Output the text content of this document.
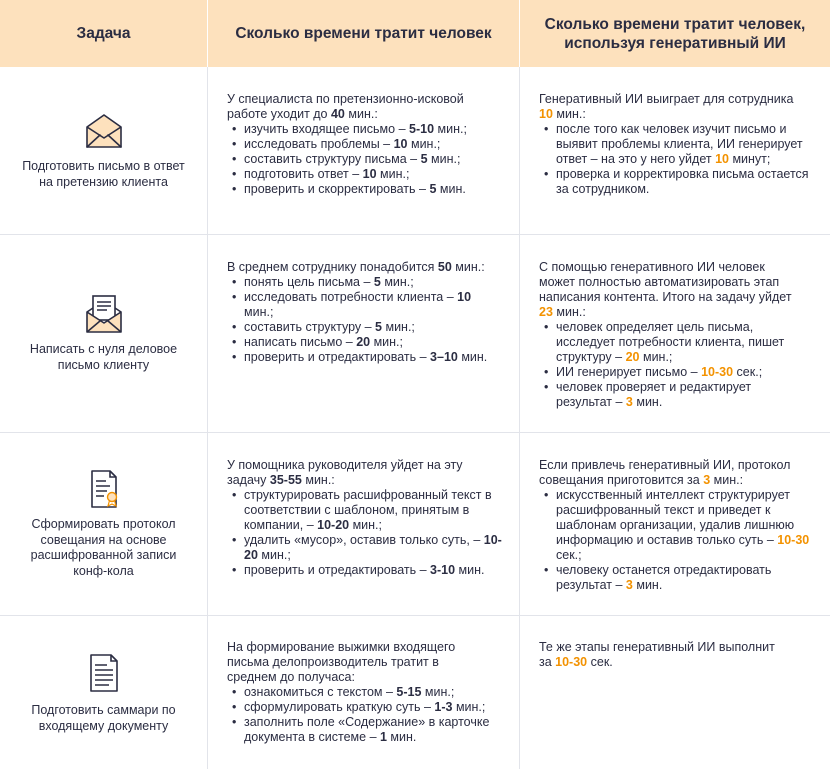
Задача	Сколько времени тратит человек
Сколько времени тратит человек, используя генеративный ИИ
Подготовить письмо в ответ на претензию клиента

У специалиста по претензионно-исковой работе уходит до 40 мин.:

• изучить входящее письмо – 5-10 мин.;
• исследовать проблемы – 10 мин.;
• составить структуру письма – 5 мин.;
• подготовить ответ – 10 мин.;
• проверить и скорректировать – 5 мин.

Генеративный ИИ выиграет для сотрудника 10 мин.:

• после того как человек изучит письмо и выявит проблемы клиента, ИИ генерирует ответ – на это у него уйдет 10 минут;
• проверка и корректировка письма остается за сотрудником.
Написать с нуля деловое письмо клиенту

В среднем сотруднику понадобится 50 мин.:

• понять цель письма – 5 мин.;
• исследовать потребности клиента – 10 мин.;
• составить структуру – 5 мин.;
• написать письмо – 20 мин.;
• проверить и отредактировать – 3–10 мин.

С помощью генеративного ИИ человек может полностью автоматизировать этап написания контента. Итого на задачу уйдет 23 мин.:

• человек определяет цель письма, исследует потребности клиента, пишет структуру – 20 мин.;
• ИИ генерирует письмо – 10-30 сек.;
• человек проверяет и редактирует результат – 3 мин.
Сформировать протокол совещания на основе расшифрованной записи конф-кола

У помощника руководителя уйдет на эту задачу 35-55 мин.:

• структурировать расшифрованный текст в соответствии с шаблоном, принятым в компании, – 10-20 мин.;
• удалить «мусор», оставив только суть, – 10-20 мин.;
• проверить и отредактировать – 3-10 мин.

Если привлечь генеративный ИИ, протокол совещания приготовится за 3 мин.:

• искусственный интеллект структурирует расшифрованный текст и приведет к шаблонам организации, удалив лишнюю информацию и оставив только суть – 10-30 сек.;
• человеку останется отредактировать результат – 3 мин.
Подготовить саммари по входящему документу

На формирование выжимки входящего письма делопроизводитель тратит в среднем до получаса:

• ознакомиться с текстом – 5-15 мин.;
• сформулировать краткую суть – 1-3 мин.;
• заполнить поле «Содержание» в карточке документа в системе – 1 мин.

Те же этапы генеративный ИИ выполнит за 10-30 сек.
